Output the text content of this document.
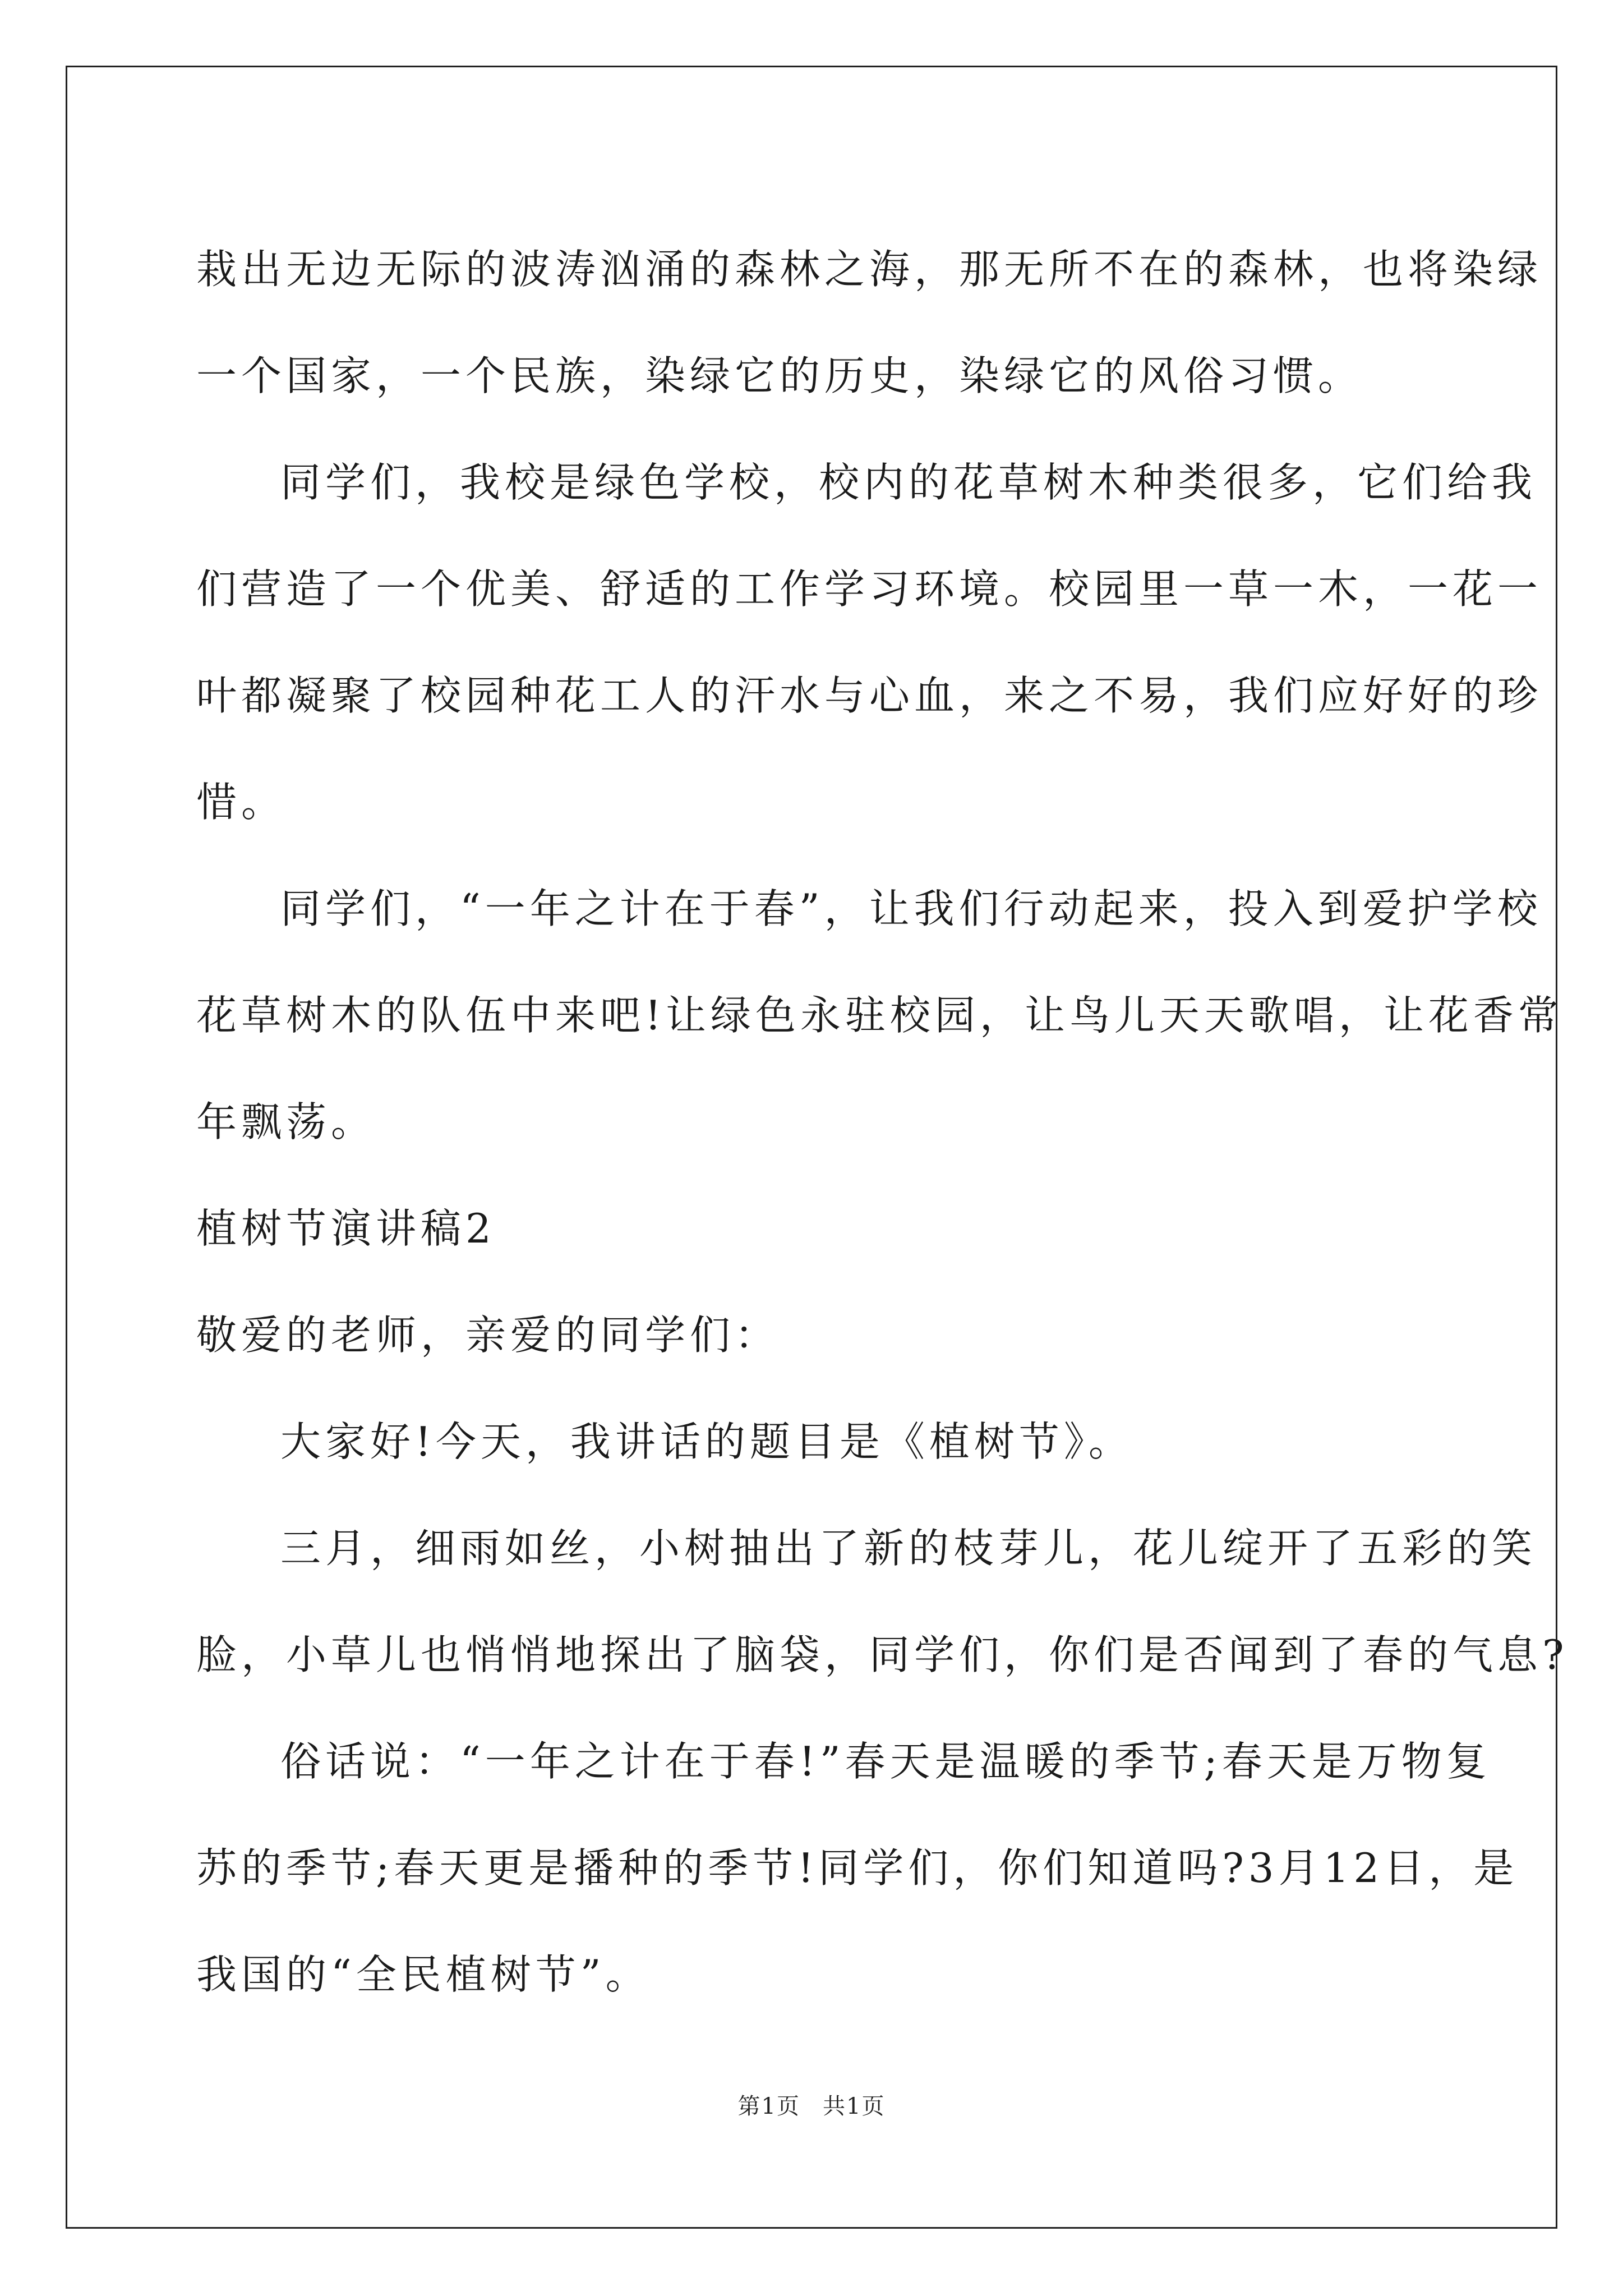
栽出无边无际的波涛汹涌的森林之海，那无所不在的森林，也将染绿
一个国家，一个民族，染绿它的历史，染绿它的风俗习惯。
同学们，我校是绿色学校，校内的花草树木种类很多，它们给我
们营造了一个优美、舒适的工作学习环境。校园里一草一木，一花一
叶都凝聚了校园种花工人的汗水与心血，来之不易，我们应好好的珍
惜。
同学们，“一年之计在于春”，让我们行动起来，投入到爱护学校
花草树木的队伍中来吧!让绿色永驻校园，让鸟儿天天歌唱，让花香常
年飘荡。
植树节演讲稿2
敬爱的老师，亲爱的同学们：
大家好!今天，我讲话的题目是《植树节》。
三月，细雨如丝，小树抽出了新的枝芽儿，花儿绽开了五彩的笑
脸，小草儿也悄悄地探出了脑袋，同学们，你们是否闻到了春的气息?
俗话说：“一年之计在于春!”春天是温暖的季节;春天是万物复
苏的季节;春天更是播种的季节!同学们，你们知道吗?3月12日，是
我国的“全民植树节”。
第1页 共1页
